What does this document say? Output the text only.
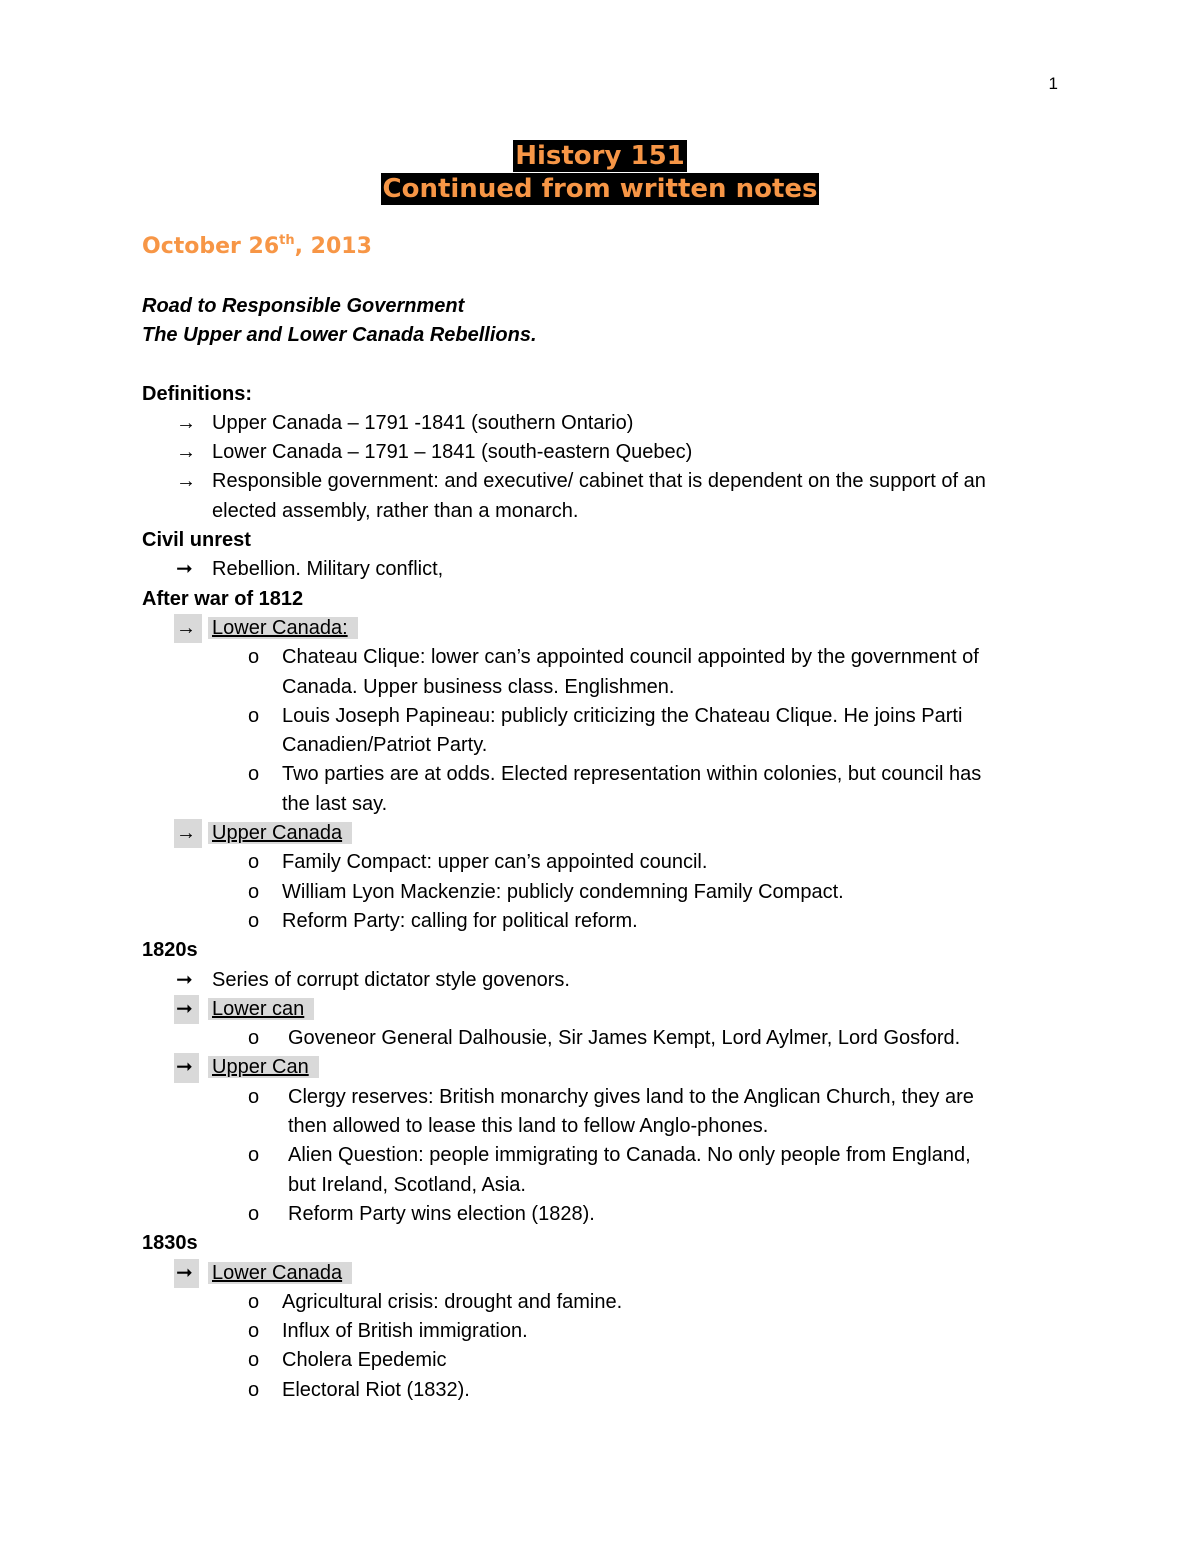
1
History 151
Continued from written notes
October 26th, 2013
Road to Responsible Government
The Upper and Lower Canada Rebellions.
Definitions:
→ Upper Canada – 1791 -1841 (southern Ontario)
→ Lower Canada – 1791 – 1841 (south-eastern Quebec)
→ Responsible government: and executive/ cabinet that is dependent on the support of an
elected assembly, rather than a monarch.
Civil unrest
➞ Rebellion. Military conflict,
After war of 1812
→ Lower Canada:
o Chateau Clique: lower can’s appointed council appointed by the government of
Canada. Upper business class. Englishmen.
o Louis Joseph Papineau: publicly criticizing the Chateau Clique. He joins Parti
Canadien/Patriot Party.
o Two parties are at odds. Elected representation within colonies, but council has
the last say.
→ Upper Canada
o Family Compact: upper can’s appointed council.
o William Lyon Mackenzie: publicly condemning Family Compact.
o Reform Party: calling for political reform.
1820s
➞ Series of corrupt dictator style govenors.
➞ Lower can
o Goveneor General Dalhousie, Sir James Kempt, Lord Aylmer, Lord Gosford.
➞ Upper Can
o Clergy reserves: British monarchy gives land to the Anglican Church, they are
then allowed to lease this land to fellow Anglo-phones.
o Alien Question: people immigrating to Canada. No only people from England,
but Ireland, Scotland, Asia.
o Reform Party wins election (1828).
1830s
➞ Lower Canada
o Agricultural crisis: drought and famine.
o Influx of British immigration.
o Cholera Epedemic
o Electoral Riot (1832).
